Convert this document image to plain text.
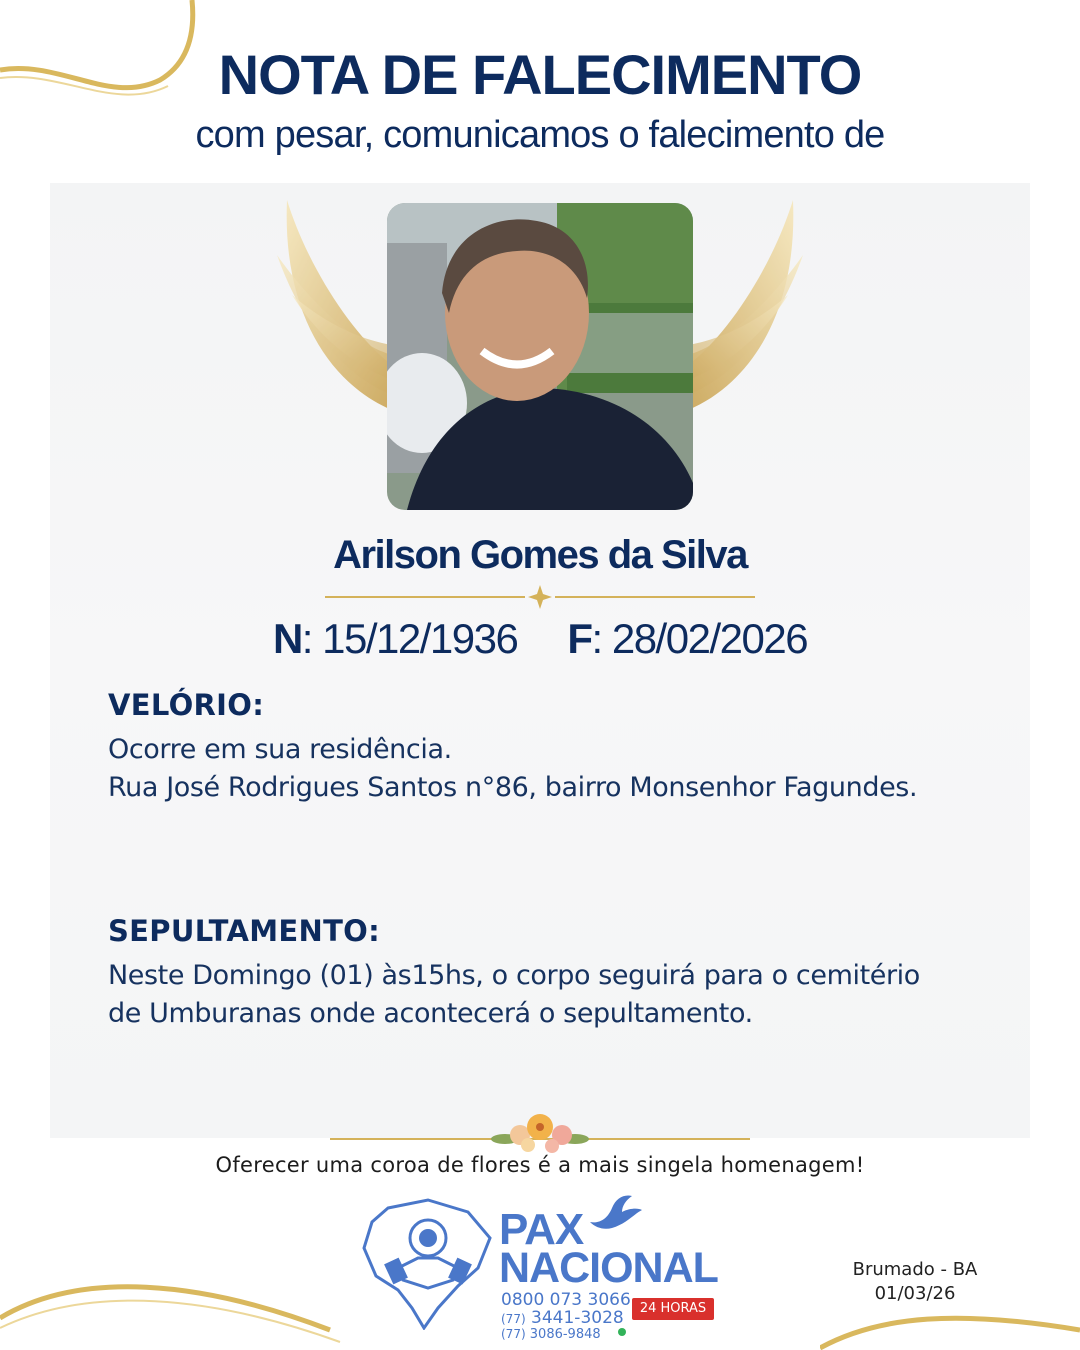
NOTA DE FALECIMENTO
com pesar, comunicamos o falecimento de
Arilson Gomes da Silva
N: 15/12/1936 F: 28/02/2026
VELÓRIO:
Ocorre em sua residência.
Rua José Rodrigues Santos n°86, bairro Monsenhor Fagundes.
SEPULTAMENTO:
Neste Domingo (01) às15hs, o corpo seguirá para o cemitério
de Umburanas onde acontecerá o sepultamento.
Oferecer uma coroa de flores é a mais singela homenagem!
PAX
NACIONAL
0800 073 3066
(77) 3441-3028
(77) 3086-9848
24 HORAS
Brumado - BA
01/03/26
